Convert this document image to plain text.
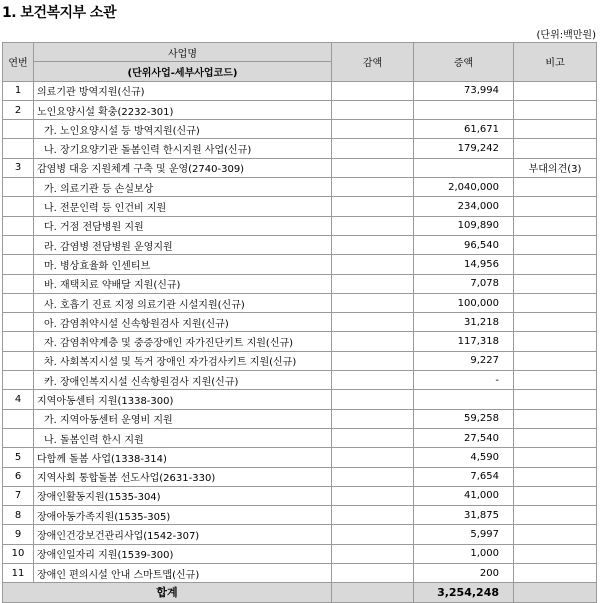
1. 보건복지부 소관
(단위:백만원)
연번	사업명	감액	증액	비고
	(단위사업-세부사업코드)			
1	의료기관 방역지원(신규)		73,994	
2	노인요양시설 확충(2232-301)			
	가. 노인요양시설 등 방역지원(신규)		61,671	
	나. 장기요양기관 돌봄인력 한시지원 사업(신규)		179,242	
3	감염병 대응 지원체계 구축 및 운영(2740-309)			부대의견(3)
	가. 의료기관 등 손실보상		2,040,000	
	나. 전문인력 등 인건비 지원		234,000	
	다. 거점 전담병원 지원		109,890	
	라. 감염병 전담병원 운영지원		96,540	
	마. 병상효율화 인센티브		14,956	
	바. 재택치료 약배달 지원(신규)		7,078	
	사. 호흡기 진료 지정 의료기관 시설지원(신규)		100,000	
	아. 감염취약시설 신속항원검사 지원(신규)		31,218	
	자. 감염취약계층 및 중증장애인 자가진단키트 지원(신규)		117,318	
	차. 사회복지시설 및 독거 장애인 자가검사키트 지원(신규)		9,227	
	카. 장애인복지시설 신속항원검사 지원(신규)		-	
4	지역아동센터 지원(1338-300)			
	가. 지역아동센터 운영비 지원		59,258	
	나. 돌봄인력 한시 지원		27,540	
5	다함께 돌봄 사업(1338-314)		4,590	
6	지역사회 통합돌봄 선도사업(2631-330)		7,654	
7	장애인활동지원(1535-304)		41,000	
8	장애아동가족지원(1535-305)		31,875	
9	장애인건강보건관리사업(1542-307)		5,997	
10	장애인일자리 지원(1539-300)		1,000	
11	장애인 편의시설 안내 스마트맵(신규)		200	
합계			3,254,248	
